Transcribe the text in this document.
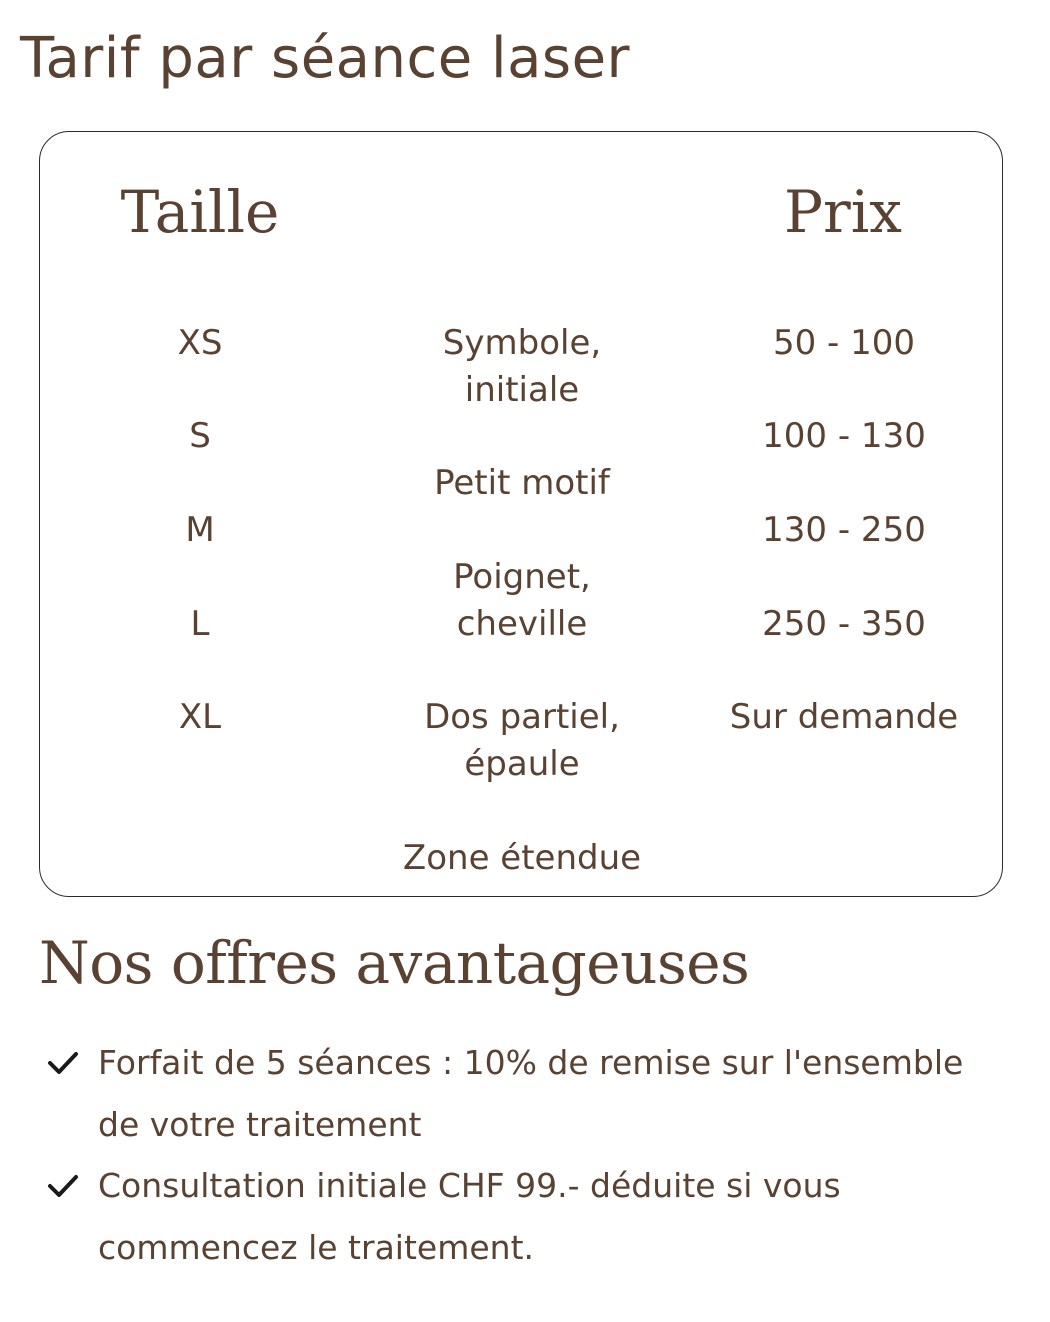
Tarif par séance laser
Taille	Prix
XS
S
M
L
XL
Symbole,
initiale
Petit motif
Poignet,
cheville
Dos partiel,
épaule
Zone étendue
50 - 100
100 - 130
130 - 250
250 - 350
Sur demande
Nos offres avantageuses
Forfait de 5 séances : 10% de remise sur l'ensemble de votre traitement
Consultation initiale CHF 99.- déduite si vous commencez le traitement.
